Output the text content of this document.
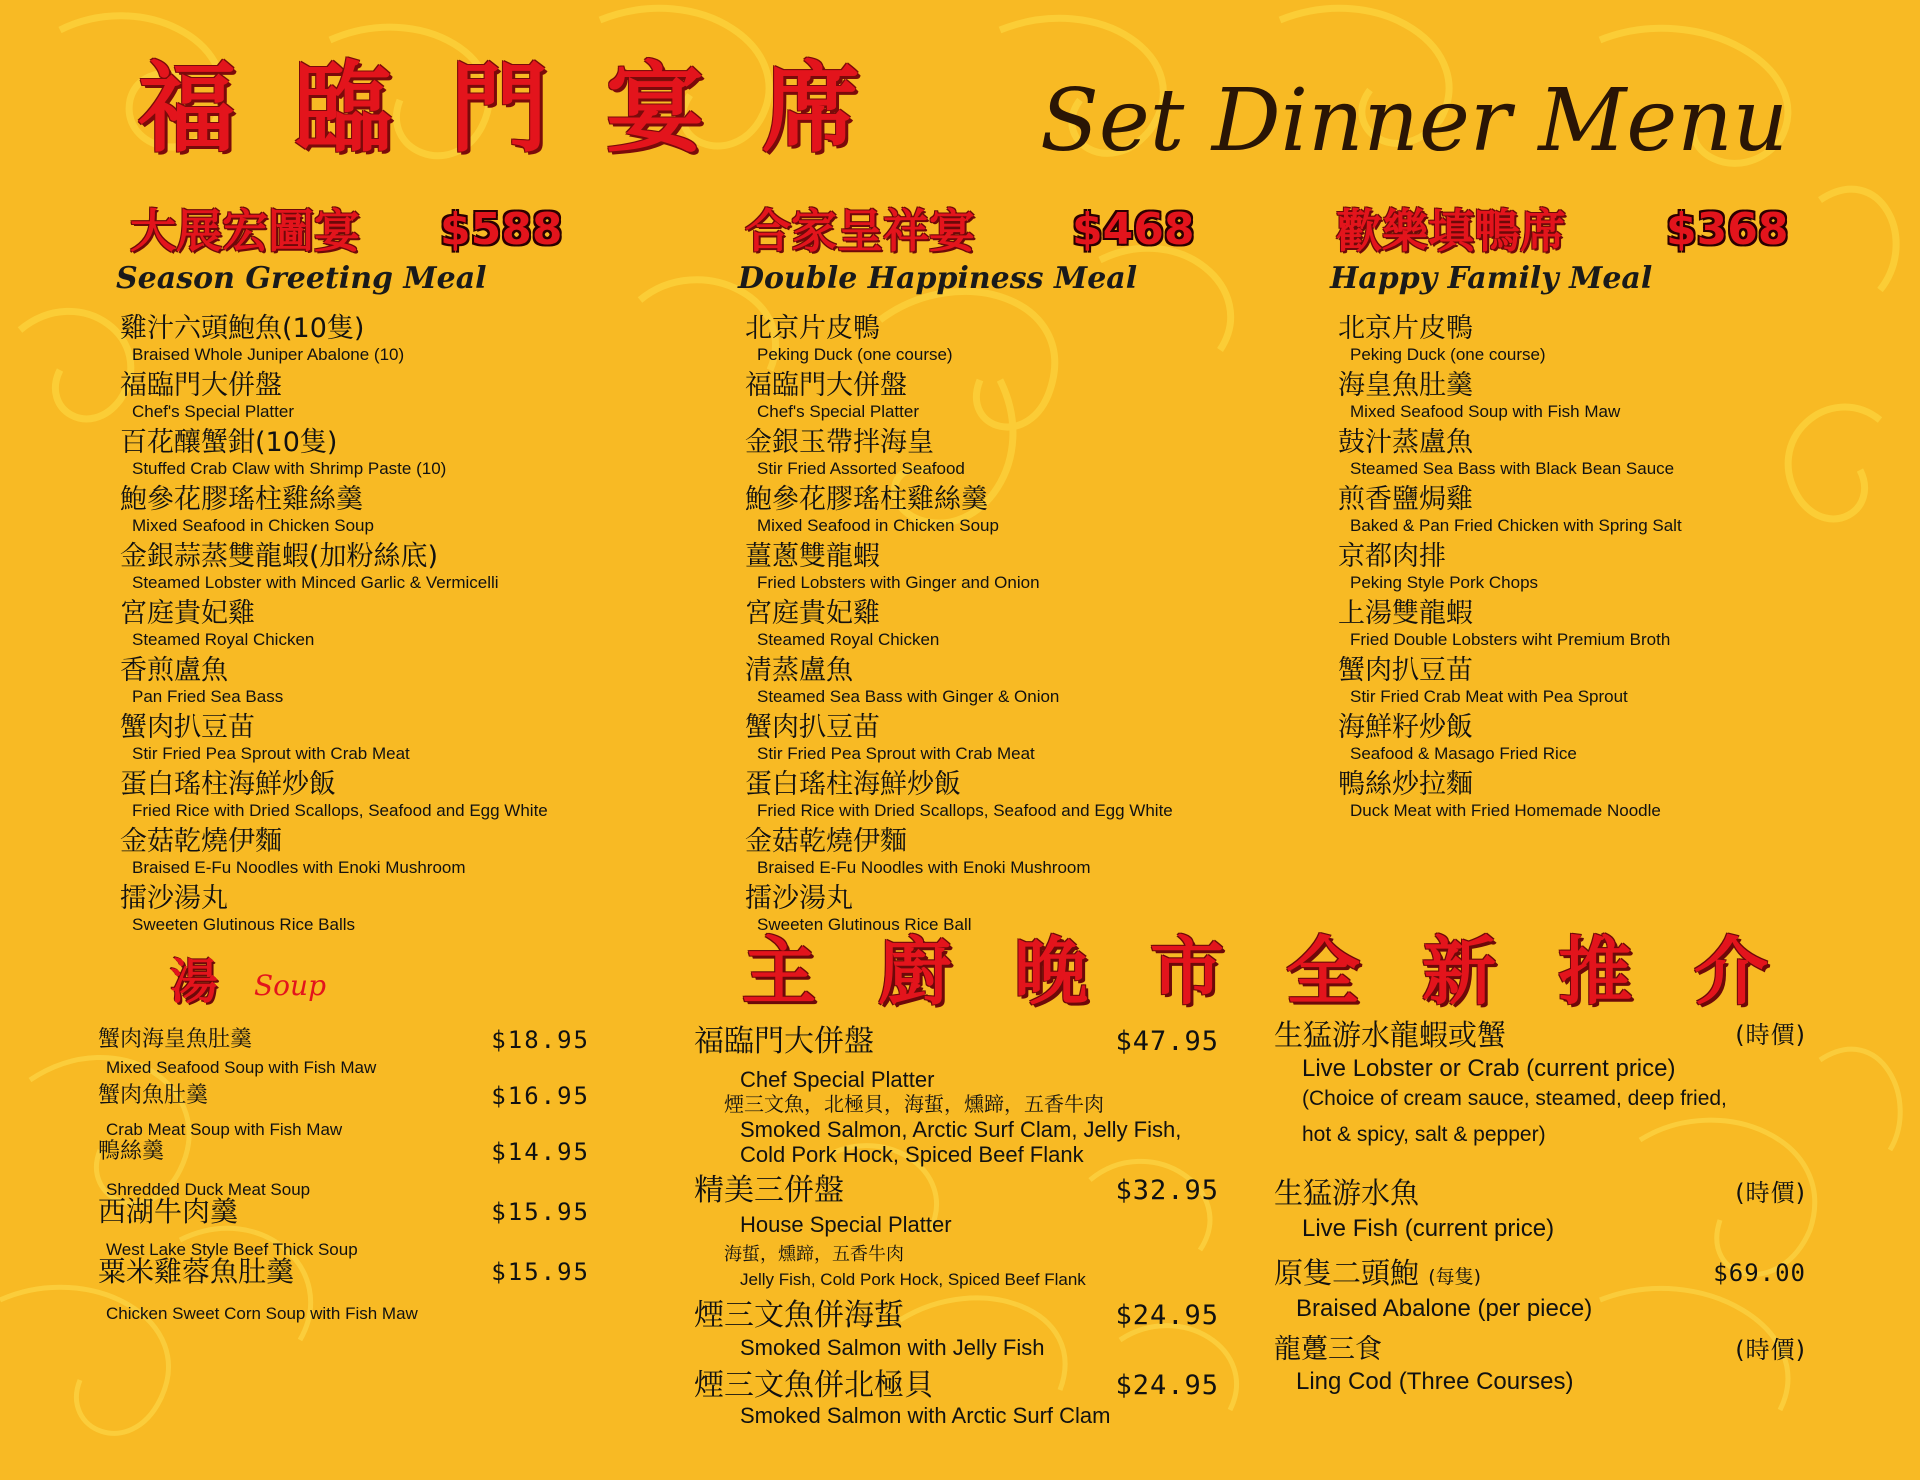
福臨門宴席 Set Dinner Menu
大展宏圖宴 $588
Season Greeting Meal
雞汁六頭鮑魚(10隻)
Braised Whole Juniper Abalone (10)
福臨門大併盤
Chef's Special Platter
百花釀蟹鉗(10隻)
Stuffed Crab Claw with Shrimp Paste (10)
鮑參花膠瑤柱雞絲羹
Mixed Seafood in Chicken Soup
金銀蒜蒸雙龍蝦(加粉絲底)
Steamed Lobster with Minced Garlic & Vermicelli
宮庭貴妃雞
Steamed Royal Chicken
香煎盧魚
Pan Fried Sea Bass
蟹肉扒豆苗
Stir Fried Pea Sprout with Crab Meat
蛋白瑤柱海鮮炒飯
Fried Rice with Dried Scallops, Seafood and Egg White
金菇乾燒伊麵
Braised E-Fu Noodles with Enoki Mushroom
擂沙湯丸
Sweeten Glutinous Rice Balls
合家呈祥宴 $468
Double Happiness Meal
北京片皮鴨
Peking Duck (one course)
福臨門大併盤
Chef's Special Platter
金銀玉帶拌海皇
Stir Fried Assorted Seafood
鮑參花膠瑤柱雞絲羹
Mixed Seafood in Chicken Soup
薑蔥雙龍蝦
Fried Lobsters with Ginger and Onion
宮庭貴妃雞
Steamed Royal Chicken
清蒸盧魚
Steamed Sea Bass with Ginger & Onion
蟹肉扒豆苗
Stir Fried Pea Sprout with Crab Meat
蛋白瑤柱海鮮炒飯
Fried Rice with Dried Scallops, Seafood and Egg White
金菇乾燒伊麵
Braised E-Fu Noodles with Enoki Mushroom
擂沙湯丸
Sweeten Glutinous Rice Ball
歡樂填鴨席 $368
Happy Family Meal
北京片皮鴨
Peking Duck (one course)
海皇魚肚羹
Mixed Seafood Soup with Fish Maw
鼓汁蒸盧魚
Steamed Sea Bass with Black Bean Sauce
煎香鹽焗雞
Baked & Pan Fried Chicken with Spring Salt
京都肉排
Peking Style Pork Chops
上湯雙龍蝦
Fried Double Lobsters wiht Premium Broth
蟹肉扒豆苗
Stir Fried Crab Meat with Pea Sprout
海鮮籽炒飯
Seafood & Masago Fried Rice
鴨絲炒拉麵
Duck Meat with Fried Homemade Noodle
湯 Soup
蟹肉海皇魚肚羹	$18.95
Mixed Seafood Soup with Fish Maw
蟹肉魚肚羹	$16.95
Crab Meat Soup with Fish Maw
鴨絲羹	$14.95
Shredded Duck Meat Soup
西湖牛肉羹	$15.95
West Lake Style Beef Thick Soup
粟米雞蓉魚肚羹	$15.95
Chicken Sweet Corn Soup with Fish Maw
主廚晚市全新推介
福臨門大併盤	$47.95
Chef Special Platter
煙三文魚，北極貝，海蜇，燻蹄，五香牛肉
Smoked Salmon, Arctic Surf Clam, Jelly Fish,
Cold Pork Hock, Spiced Beef Flank
精美三併盤	$32.95
House Special Platter
海蜇，燻蹄，五香牛肉
Jelly Fish, Cold Pork Hock, Spiced Beef Flank
煙三文魚併海蜇	$24.95
Smoked Salmon with Jelly Fish
煙三文魚併北極貝	$24.95
Smoked Salmon with Arctic Surf Clam
生猛游水龍蝦或蟹	(時價)
Live Lobster or Crab (current price)
(Choice of cream sauce, steamed, deep fried,
hot & spicy, salt & pepper)
生猛游水魚	(時價)
Live Fish (current price)
原隻二頭鮑 (每隻)	$69.00
Braised Abalone (per piece)
龍躉三食	(時價)
Ling Cod (Three Courses)
